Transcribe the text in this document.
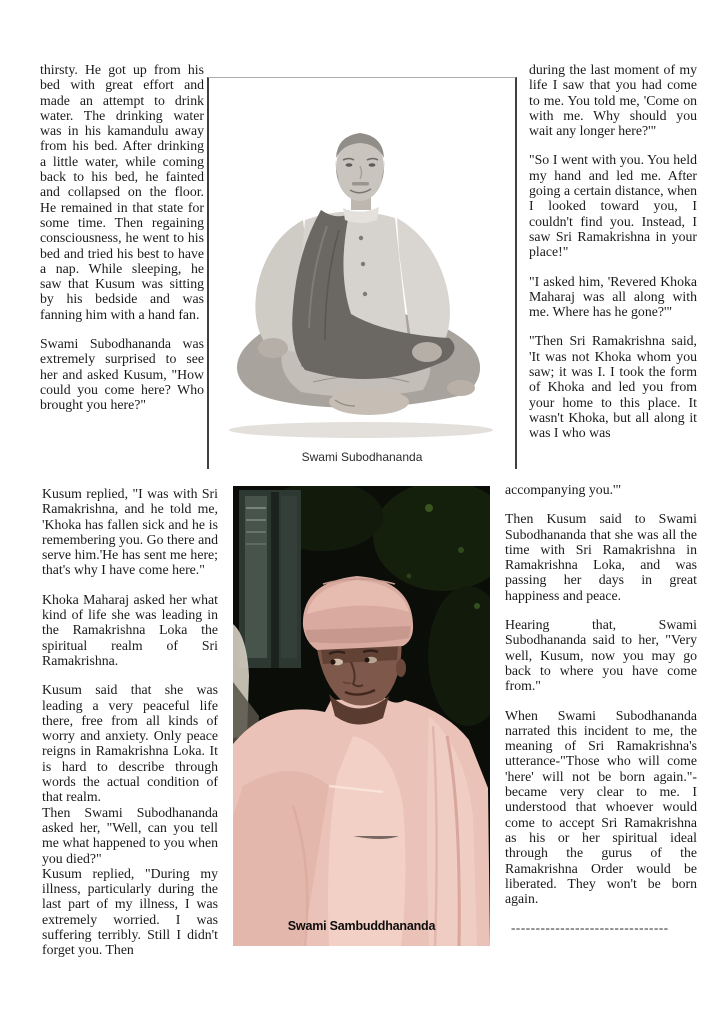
thirsty. He got up from his bed with great effort and made an attempt to drink water. The drinking water was in his kamandulu away from his bed. After drinking a little water, while coming back to his bed, he fainted and collapsed on the floor. He remained in that state for some time. Then regaining consciousness, he went to his bed and tried his best to have a nap. While sleeping, he saw that Kusum was sitting by his bedside and was fanning him with a hand fan.

Swami Subodhananda was extremely surprised to see her and asked Kusum, "How could you come here? Who brought you here?"

Kusum replied, "I was with Sri Ramakrishna, and he told me, 'Khoka has fallen sick and he is remembering you. Go there and serve him.'He has sent me here; that's why I have come here."

Khoka Maharaj asked her what kind of life she was leading in the Ramakrishna Loka the spiritual realm of Sri Ramakrishna.

Kusum said that she was leading a very peaceful life there, free from all kinds of worry and anxiety. Only peace reigns in Ramakrishna Loka. It is hard to describe through words the actual condition of that realm.

Then Swami Subodhananda asked her, "Well, can you tell me what happened to you when you died?"

Kusum replied, "During my illness, particularly during the last part of my illness, I was extremely worried. I was suffering terribly. Still I didn't forget you. Then

Swami Subodhananda
Swami Sambuddhananda

during the last moment of my life I saw that you had come to me. You told me, 'Come on with me. Why should you wait any longer here?'"

"So I went with you. You held my hand and led me. After going a certain distance, when I looked toward you, I couldn't find you. Instead, I saw Sri Ramakrishna in your place!"

"I asked him, 'Revered Khoka Maharaj was all along with me. Where has he gone?'"

"Then Sri Ramakrishna said, 'It was not Khoka whom you saw; it was I. I took the form of Khoka and led you from your home to this place. It wasn't Khoka, but all along it was I who was

accompanying you.'"

Then Kusum said to Swami Subodhananda that she was all the time with Sri Ramakrishna in Ramakrishna Loka, and was passing her days in great happiness and peace.

Hearing that, Swami Subodhananda said to her, "Very well, Kusum, now you may go back to where you have come from."

When Swami Subodhananda narrated this incident to me, the meaning of Sri Ramakrishna's utterance-"Those who will come 'here' will not be born again."- became very clear to me. I understood that whoever would come to accept Sri Ramakrishna as his or her spiritual ideal through the gurus of the Ramakrishna Order would be liberated. They won't be born again.

--------------------------------
